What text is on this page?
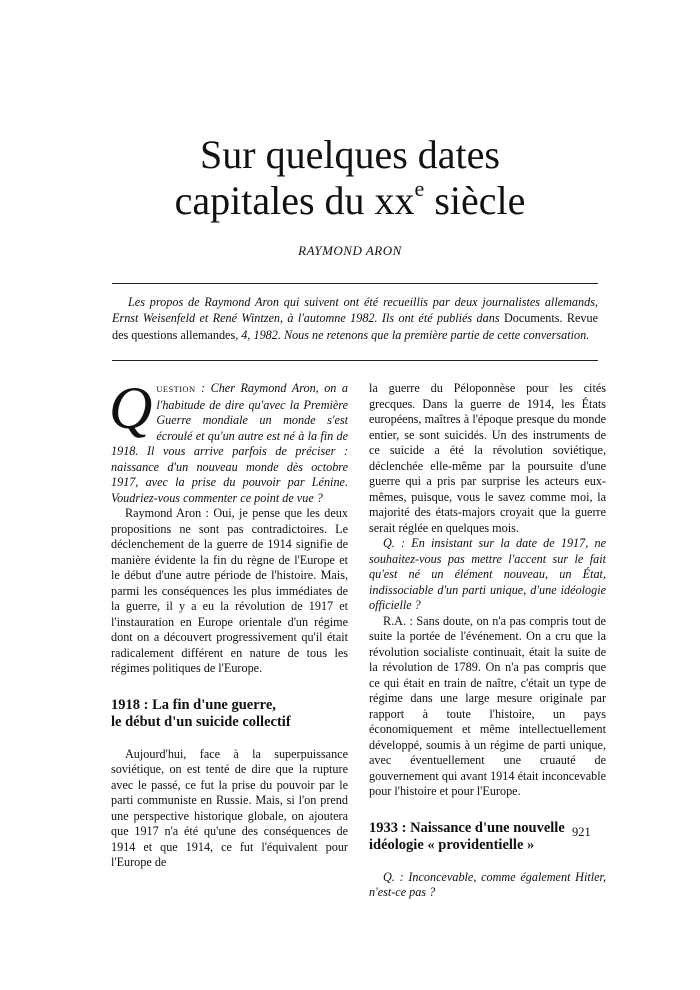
Sur quelques dates
capitales du $xx^e$ siècle
RAYMOND ARON
Les propos de Raymond Aron qui suivent ont été recueillis par deux journalistes allemands, Ernst Weisenfeld et René Wintzen, à l'automne 1982. Ils ont été publiés dans Documents. Revue des questions allemandes, 4, 1982. Nous ne retenons que la première partie de cette conversation.

QUESTION : Cher Raymond Aron, on a l'habitude de dire qu'avec la Première Guerre mondiale un monde s'est écroulé et qu'un autre est né à la fin de 1918. Il vous arrive parfois de préciser : naissance d'un nouveau monde dès octobre 1917, avec la prise du pouvoir par Lénine. Voudriez-vous commenter ce point de vue ?

Raymond Aron : Oui, je pense que les deux propositions ne sont pas contradictoires. Le déclenchement de la guerre de 1914 signifie de manière évidente la fin du règne de l'Europe et le début d'une autre période de l'histoire. Mais, parmi les conséquences les plus immédiates de la guerre, il y a eu la révolution de 1917 et l'instauration en Europe orientale d'un régime dont on a découvert progressivement qu'il était radicalement différent en nature de tous les régimes politiques de l'Europe.

1918 : La fin d'une guerre,
le début d'un suicide collectif

Aujourd'hui, face à la superpuissance soviétique, on est tenté de dire que la rupture avec le passé, ce fut la prise du pouvoir par le parti communiste en Russie. Mais, si l'on prend une perspective historique globale, on ajoutera que 1917 n'a été qu'une des conséquences de 1914 et que 1914, ce fut l'équivalent pour l'Europe de

la guerre du Péloponnèse pour les cités grecques. Dans la guerre de 1914, les États européens, maîtres à l'époque presque du monde entier, se sont suicidés. Un des instruments de ce suicide a été la révolution soviétique, déclenchée elle-même par la poursuite d'une guerre qui a pris par surprise les acteurs eux-mêmes, puisque, vous le savez comme moi, la majorité des états-majors croyait que la guerre serait réglée en quelques mois.

Q. : En insistant sur la date de 1917, ne souhaitez-vous pas mettre l'accent sur le fait qu'est né un élément nouveau, un État, indissociable d'un parti unique, d'une idéologie officielle ?

R.A. : Sans doute, on n'a pas compris tout de suite la portée de l'événement. On a cru que la révolution socialiste continuait, était la suite de la révolution de 1789. On n'a pas compris que ce qui était en train de naître, c'était un type de régime dans une large mesure originale par rapport à toute l'histoire, un pays économiquement et même intellectuellement développé, soumis à un régime de parti unique, avec éventuellement une cruauté de gouvernement qui avant 1914 était inconcevable pour l'histoire et pour l'Europe.

1933 : Naissance d'une nouvelle
idéologie « providentielle »

Q. : Inconcevable, comme également Hitler, n'est-ce pas ?

921
